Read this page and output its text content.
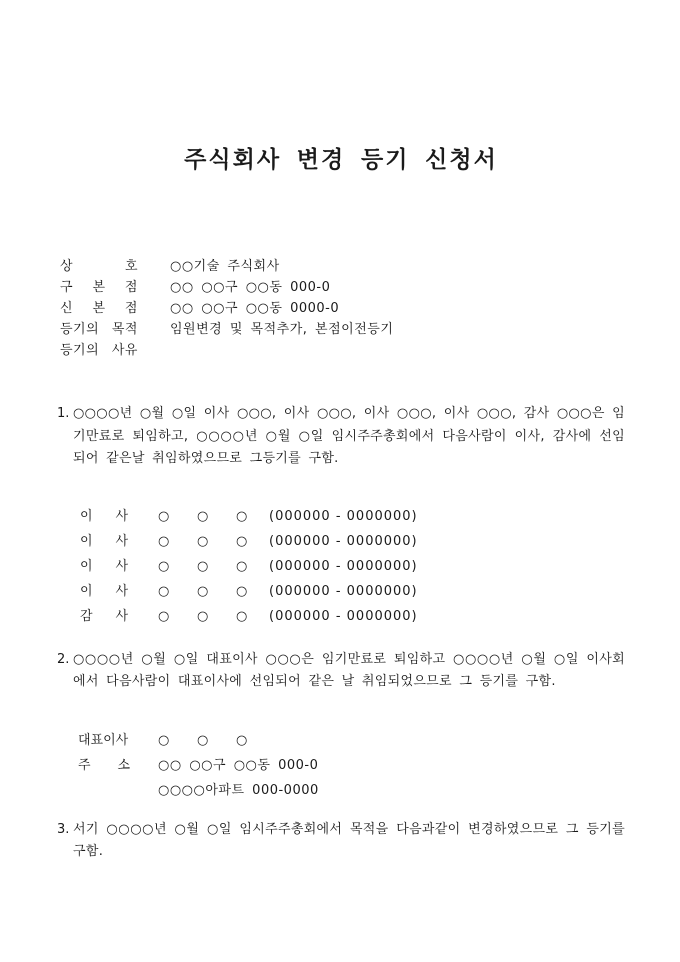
주식회사 변경 등기 신청서
상 호 ○○기술 주식회사
구 본 점 ○○ ○○구 ○○동 000-0
신 본 점 ○○ ○○구 ○○동 0000-0
등기의 목적 임원변경 및 목적추가, 본점이전등기
등기의 사유
1. ○○○○년 ○월 ○일 이사 ○○○, 이사 ○○○, 이사 ○○○, 이사 ○○○, 감사 ○○○은 임기만료로 퇴임하고, ○○○○년 ○월 ○일 임시주주총회에서 다음사람이 이사, 감사에 선임되어 같은날 취임하였으므로 그등기를 구함.
이 사 ○	○	○ (000000 - 0000000)
이 사 ○	○	○ (000000 - 0000000)
이 사 ○	○	○ (000000 - 0000000)
이 사 ○	○	○ (000000 - 0000000)
감 사 ○	○	○ (000000 - 0000000)
2. ○○○○년 ○월 ○일 대표이사 ○○○은 임기만료로 퇴임하고 ○○○○년 ○월 ○일 이사회에서 다음사람이 대표이사에 선임되어 같은 날 취임되었으므로 그 등기를 구함.
대표이사 ○	○	○
주 소 ○○ ○○구 ○○동 000-0
○○○○아파트 000-0000
3. 서기 ○○○○년 ○월 ○일 임시주주총회에서 목적을 다음과같이 변경하였으므로 그 등기를 구함.
